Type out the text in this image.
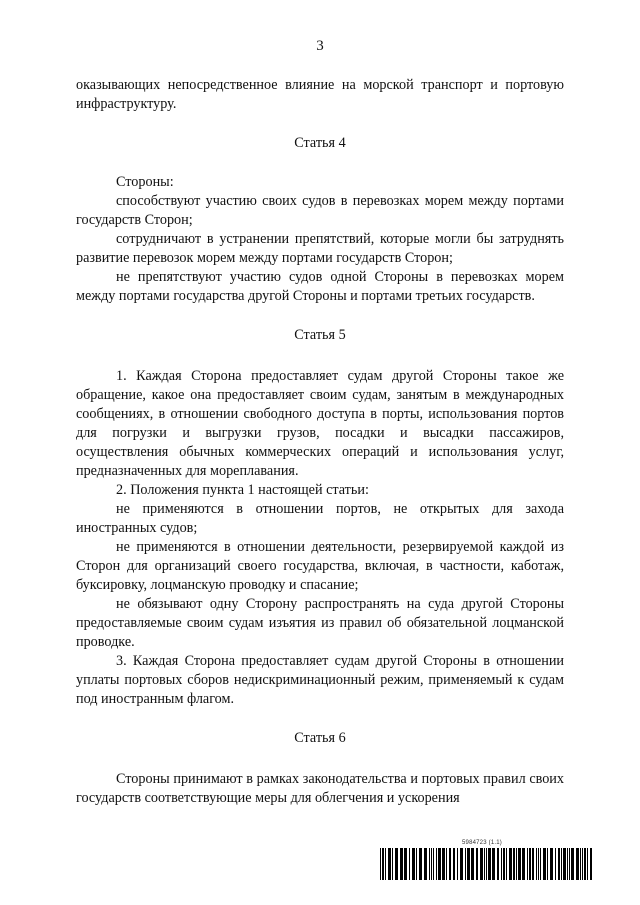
3

оказывающих непосредственное влияние на морской транспорт и портовую инфраструктуру.

Статья 4

Стороны:

способствуют участию своих судов в перевозках морем между портами государств Сторон;

сотрудничают в устранении препятствий, которые могли бы затруднять развитие перевозок морем между портами государств Сторон;

не препятствуют участию судов одной Стороны в перевозках морем между портами государства другой Стороны и портами третьих государств.

Статья 5

1. Каждая Сторона предоставляет судам другой Стороны такое же обращение, какое она предоставляет своим судам, занятым в международных сообщениях, в отношении свободного доступа в порты, использования портов для погрузки и выгрузки грузов, посадки и высадки пассажиров, осуществления обычных коммерческих операций и использования услуг, предназначенных для мореплавания.

2. Положения пункта 1 настоящей статьи:

не применяются в отношении портов, не открытых для захода иностранных судов;

не применяются в отношении деятельности, резервируемой каждой из Сторон для организаций своего государства, включая, в частности, каботаж, буксировку, лоцманскую проводку и спасание;

не обязывают одну Сторону распространять на суда другой Стороны предоставляемые своим судам изъятия из правил об обязательной лоцманской проводке.

3. Каждая Сторона предоставляет судам другой Стороны в отношении уплаты портовых сборов недискриминационный режим, применяемый к судам под иностранным флагом.

Статья 6

Стороны принимают в рамках законодательства и портовых правил своих государств соответствующие меры для облегчения и ускорения

5984723 (1.1)
